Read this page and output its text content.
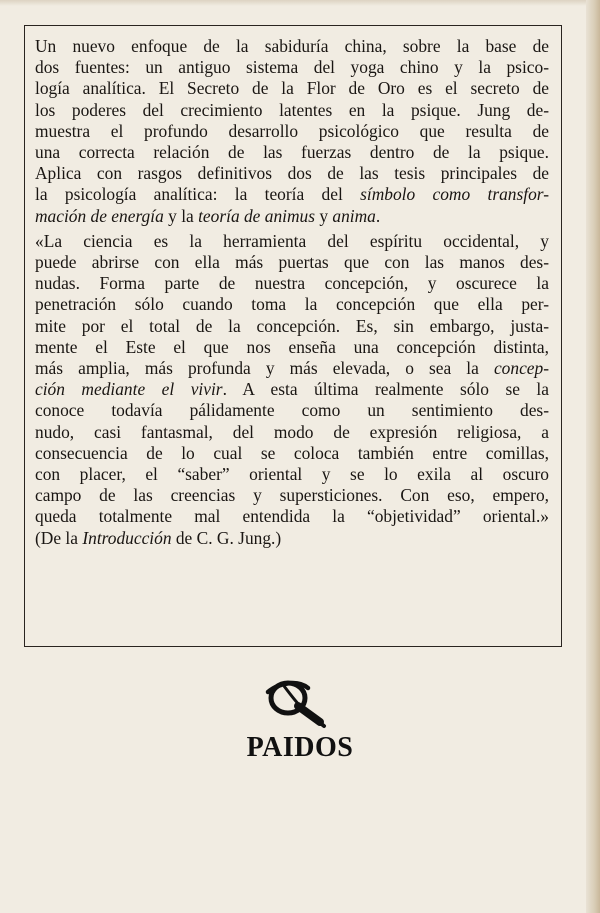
Un nuevo enfoque de la sabiduría china, sobre la base de
dos fuentes: un antiguo sistema del yoga chino y la psico-
logía analítica. El Secreto de la Flor de Oro es el secreto de
los poderes del crecimiento latentes en la psique. Jung de-
muestra el profundo desarrollo psicológico que resulta de
una correcta relación de las fuerzas dentro de la psique.
Aplica con rasgos definitivos dos de las tesis principales de
la psicología analítica: la teoría del símbolo como transfor-
mación de energía y la teoría de animus y anima.
«La ciencia es la herramienta del espíritu occidental, y
puede abrirse con ella más puertas que con las manos des-
nudas. Forma parte de nuestra concepción, y oscurece la
penetración sólo cuando toma la concepción que ella per-
mite por el total de la concepción. Es, sin embargo, justa-
mente el Este el que nos enseña una concepción distinta,
más amplia, más profunda y más elevada, o sea la concep-
ción mediante el vivir. A esta última realmente sólo se la
conoce todavía pálidamente como un sentimiento des-
nudo, casi fantasmal, del modo de expresión religiosa, a
consecuencia de lo cual se coloca también entre comillas,
con placer, el “saber” oriental y se lo exila al oscuro
campo de las creencias y supersticiones. Con eso, empero,
queda totalmente mal entendida la “objetividad” oriental.»
(De la Introducción de C. G. Jung.)
PAIDOS
